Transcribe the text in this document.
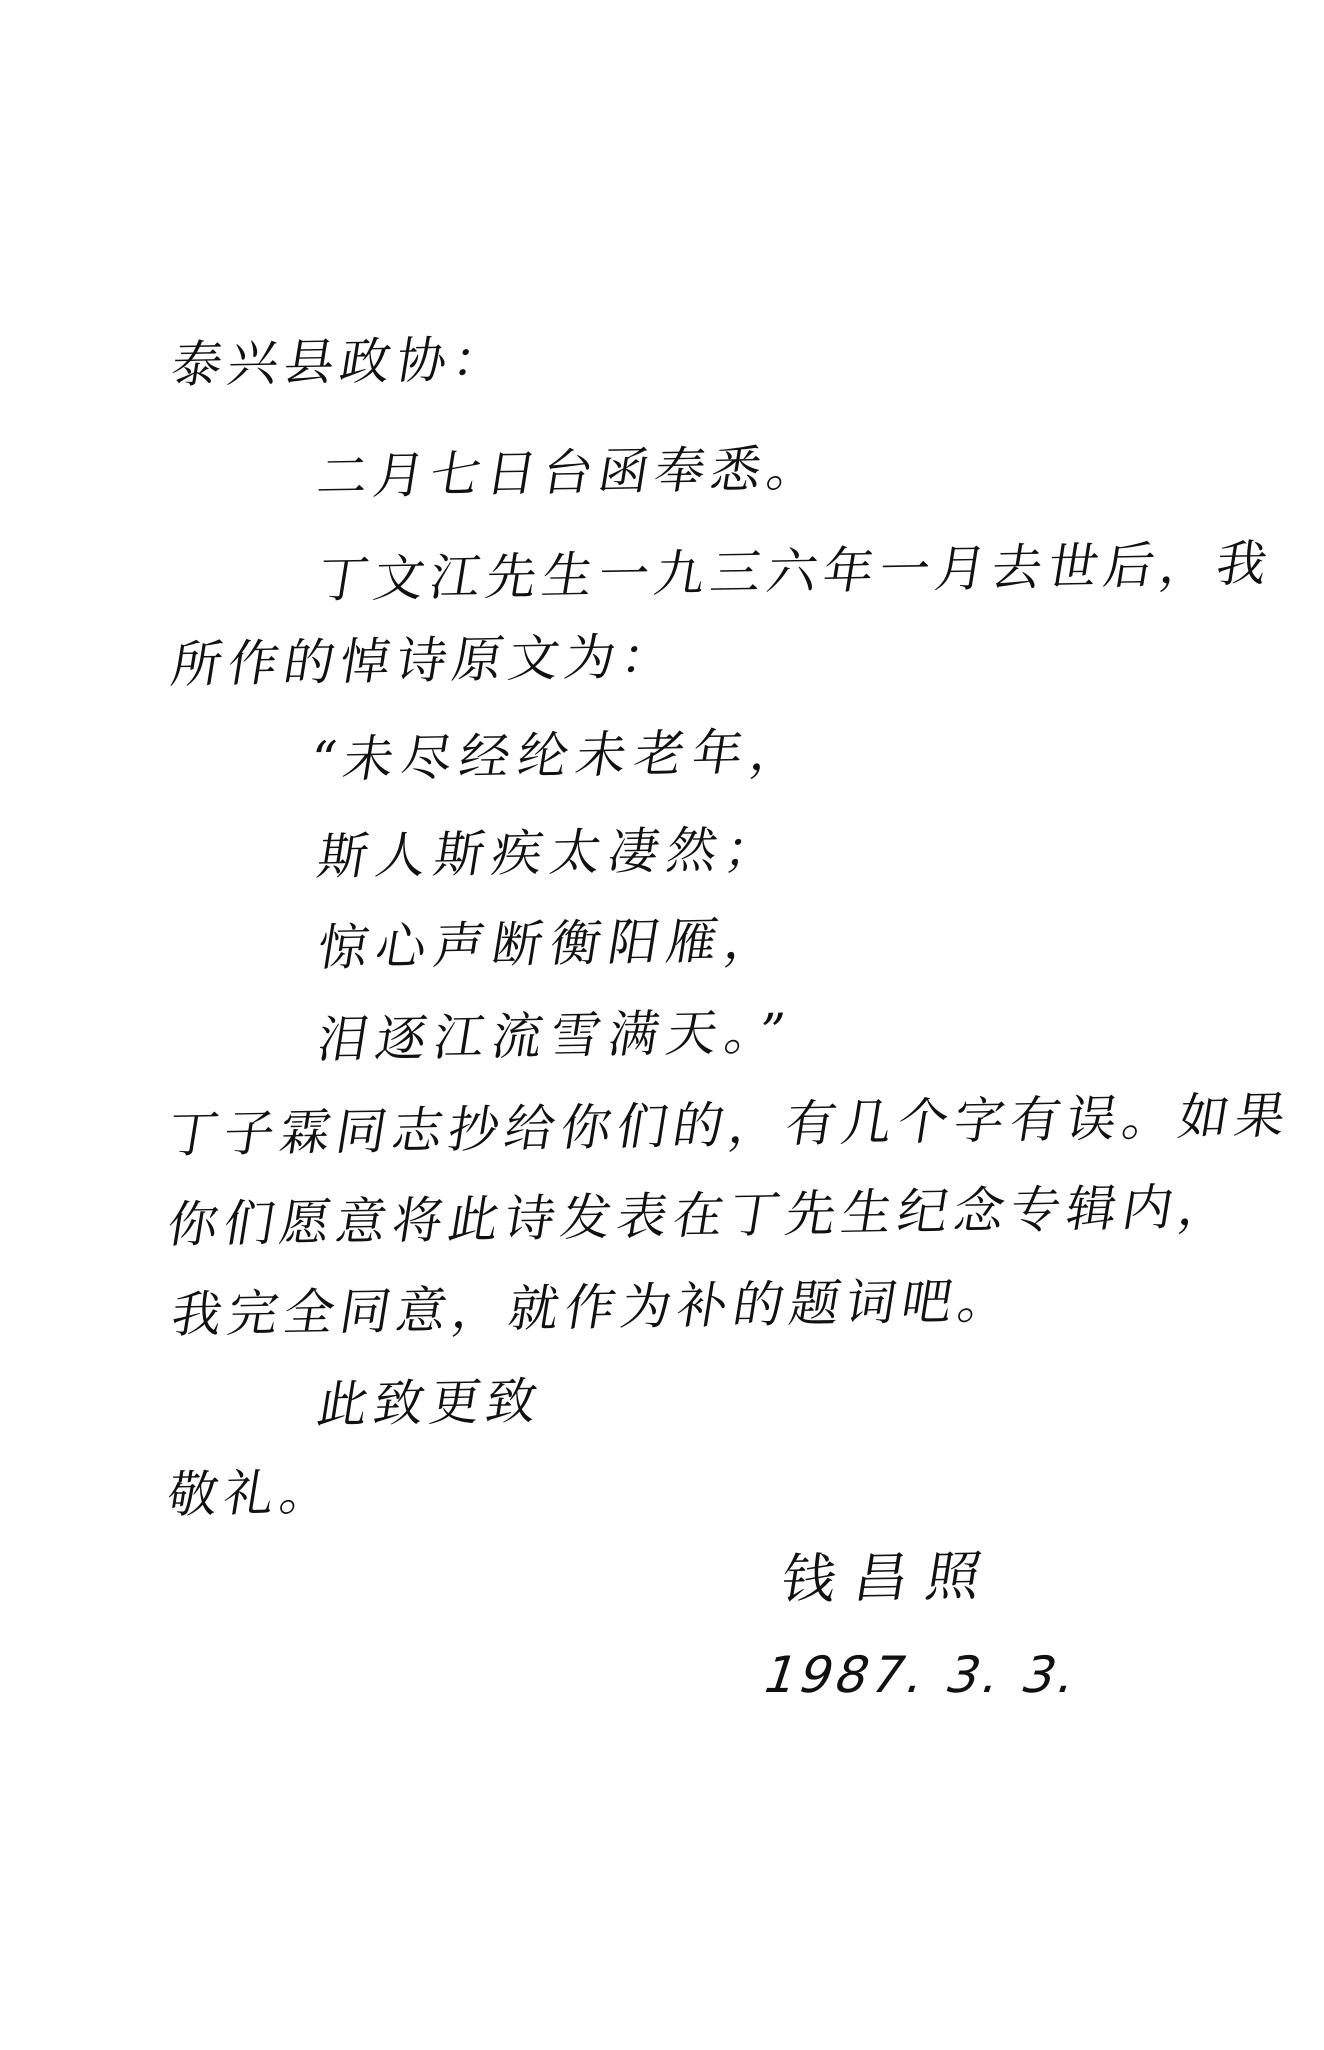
泰兴县政协：

二月七日台函奉悉。

丁文江先生一九三六年一月去世后，我

所作的悼诗原文为：

“未尽经纶未老年，

斯人斯疾太凄然；

惊心声断衡阳雁，

泪逐江流雪满天。”

丁子霖同志抄给你们的，有几个字有误。如果

你们愿意将此诗发表在丁先生纪念专辑内，

我完全同意，就作为补的题词吧。

此致更致

敬礼。

钱昌照

1987. 3. 3.
